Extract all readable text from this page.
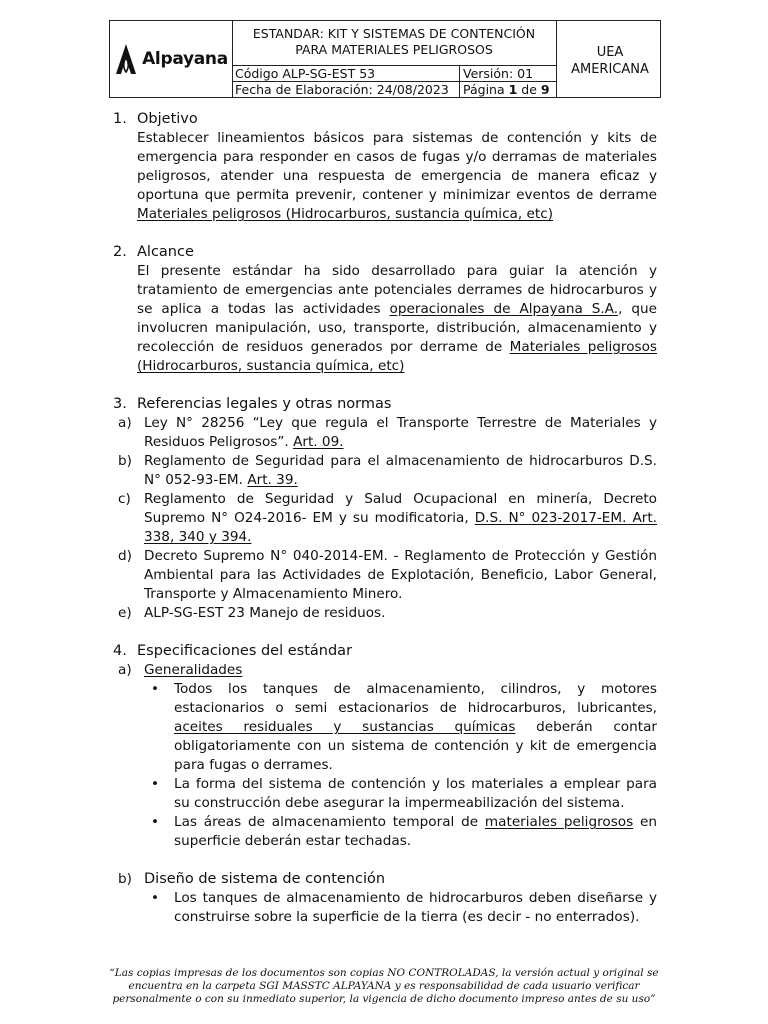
Alpayana
ESTANDAR: KIT Y SISTEMAS DE CONTENCIÓN
PARA MATERIALES PELIGROSOS
Código ALP-SG-EST 53	Versión: 01
Fecha de Elaboración: 24/08/2023	Página 1 de 9
UEA
AMERICANA
1. Objetivo
Establecer lineamientos básicos para sistemas de contención y kits de emergencia para responder en casos de fugas y/o derramas de materiales peligrosos, atender una respuesta de emergencia de manera eficaz y oportuna que permita prevenir, contener y minimizar eventos de derrame Materiales peligrosos (Hidrocarburos, sustancia química, etc)
2. Alcance
El presente estándar ha sido desarrollado para guiar la atención y tratamiento de emergencias ante potenciales derrames de hidrocarburos y se aplica a todas las actividades operacionales de Alpayana S.A., que involucren manipulación, uso, transporte, distribución, almacenamiento y recolección de residuos generados por derrame de Materiales peligrosos (Hidrocarburos, sustancia química, etc)
3. Referencias legales y otras normas
a) Ley N° 28256 “Ley que regula el Transporte Terrestre de Materiales y Residuos Peligrosos”. Art. 09.
b) Reglamento de Seguridad para el almacenamiento de hidrocarburos D.S. N° 052-93-EM. Art. 39.
c) Reglamento de Seguridad y Salud Ocupacional en minería, Decreto Supremo N° O24-2016- EM y su modificatoria, D.S. N° 023-2017-EM. Art. 338, 340 y 394.
d) Decreto Supremo N° 040-2014-EM. - Reglamento de Protección y Gestión Ambiental para las Actividades de Explotación, Beneficio, Labor General, Transporte y Almacenamiento Minero.
e) ALP-SG-EST 23 Manejo de residuos.
4. Especificaciones del estándar
a) Generalidades
•	Todos los tanques de almacenamiento, cilindros, y motores estacionarios o semi estacionarios de hidrocarburos, lubricantes, aceites residuales y sustancias químicas deberán contar obligatoriamente con un sistema de contención y kit de emergencia para fugas o derrames.
•	La forma del sistema de contención y los materiales a emplear para su construcción debe asegurar la impermeabilización del sistema.
•	Las áreas de almacenamiento temporal de materiales peligrosos en superficie deberán estar techadas.
b) Diseño de sistema de contención
•	Los tanques de almacenamiento de hidrocarburos deben diseñarse y construirse sobre la superficie de la tierra (es decir - no enterrados).
“Las copias impresas de los documentos son copias NO CONTROLADAS, la versión actual y original se encuentra en la carpeta SGI MASSTC ALPAYANA y es responsabilidad de cada usuario verificar personalmente o con su inmediato superior, la vigencia de dicho documento impreso antes de su uso”
